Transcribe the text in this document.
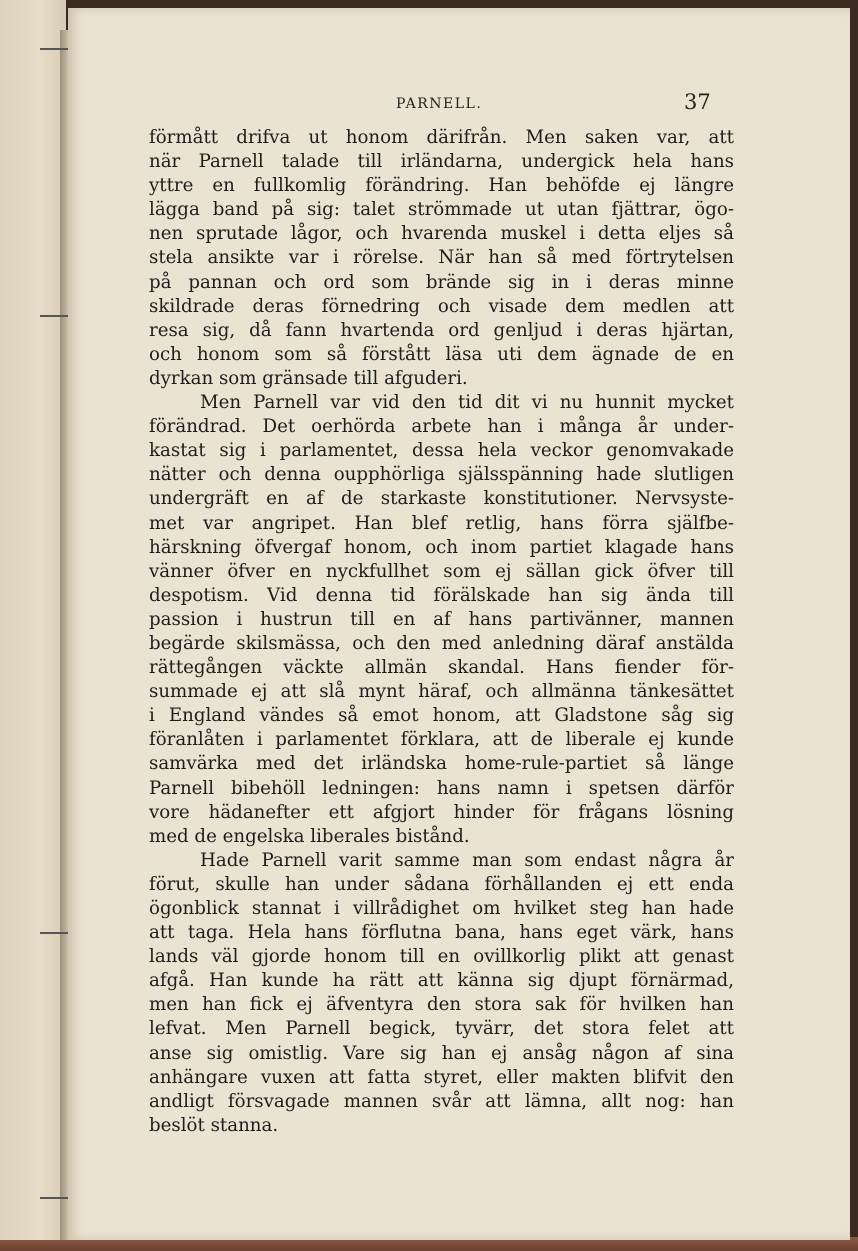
PARNELL.	37
förmått drifva ut honom därifrån. Men saken var, att
när Parnell talade till irländarna, undergick hela hans
yttre en fullkomlig förändring. Han behöfde ej längre
lägga band på sig: talet strömmade ut utan fjättrar, ögo-
nen sprutade lågor, och hvarenda muskel i detta eljes så
stela ansikte var i rörelse. När han så med förtrytelsen
på pannan och ord som brände sig in i deras minne
skildrade deras förnedring och visade dem medlen att
resa sig, då fann hvartenda ord genljud i deras hjärtan,
och honom som så förstått läsa uti dem ägnade de en
dyrkan som gränsade till afguderi.
Men Parnell var vid den tid dit vi nu hunnit mycket
förändrad. Det oerhörda arbete han i många år under-
kastat sig i parlamentet, dessa hela veckor genomvakade
nätter och denna oupphörliga själsspänning hade slutligen
undergräft en af de starkaste konstitutioner. Nervsyste-
met var angripet. Han blef retlig, hans förra själfbe-
härskning öfvergaf honom, och inom partiet klagade hans
vänner öfver en nyckfullhet som ej sällan gick öfver till
despotism. Vid denna tid förälskade han sig ända till
passion i hustrun till en af hans partivänner, mannen
begärde skilsmässa, och den med anledning däraf anstälda
rättegången väckte allmän skandal. Hans fiender för-
summade ej att slå mynt häraf, och allmänna tänkesättet
i England vändes så emot honom, att Gladstone såg sig
föranlåten i parlamentet förklara, att de liberale ej kunde
samvärka med det irländska home-rule-partiet så länge
Parnell bibehöll ledningen: hans namn i spetsen därför
vore hädanefter ett afgjort hinder för frågans lösning
med de engelska liberales bistånd.
Hade Parnell varit samme man som endast några år
förut, skulle han under sådana förhållanden ej ett enda
ögonblick stannat i villrådighet om hvilket steg han hade
att taga. Hela hans förflutna bana, hans eget värk, hans
lands väl gjorde honom till en ovillkorlig plikt att genast
afgå. Han kunde ha rätt att känna sig djupt förnärmad,
men han fick ej äfventyra den stora sak för hvilken han
lefvat. Men Parnell begick, tyvärr, det stora felet att
anse sig omistlig. Vare sig han ej ansåg någon af sina
anhängare vuxen att fatta styret, eller makten blifvit den
andligt försvagade mannen svår att lämna, allt nog: han
beslöt stanna.
